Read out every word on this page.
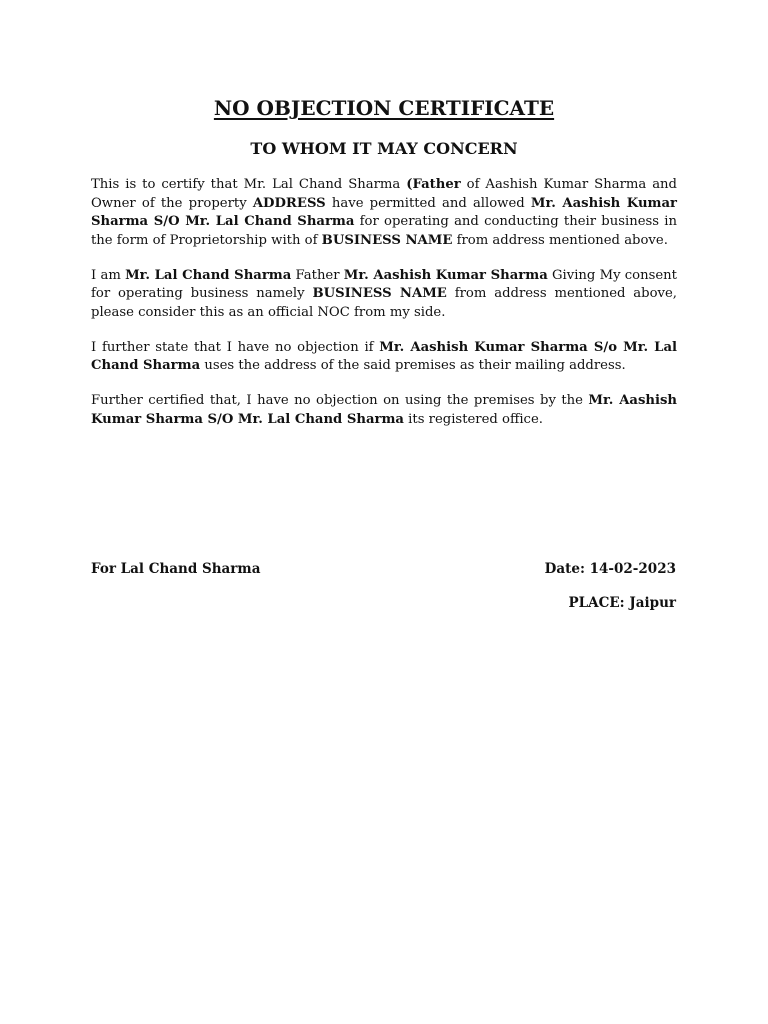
NO OBJECTION CERTIFICATE
TO WHOM IT MAY CONCERN

This is to certify that Mr. Lal Chand Sharma (Father of Aashish Kumar Sharma and Owner of the property ADDRESS have permitted and allowed Mr. Aashish Kumar Sharma S/O Mr. Lal Chand Sharma for operating and conducting their business in the form of Proprietorship with of BUSINESS NAME from address mentioned above.

I am Mr. Lal Chand Sharma Father Mr. Aashish Kumar Sharma Giving My consent for operating business namely BUSINESS NAME from address mentioned above, please consider this as an official NOC from my side.

I further state that I have no objection if Mr. Aashish Kumar Sharma S/o Mr. Lal Chand Sharma uses the address of the said premises as their mailing address.

Further certified that, I have no objection on using the premises by the Mr. Aashish Kumar Sharma S/O Mr. Lal Chand Sharma its registered office.

For Lal Chand Sharma	Date: 14-02-2023
PLACE: Jaipur
